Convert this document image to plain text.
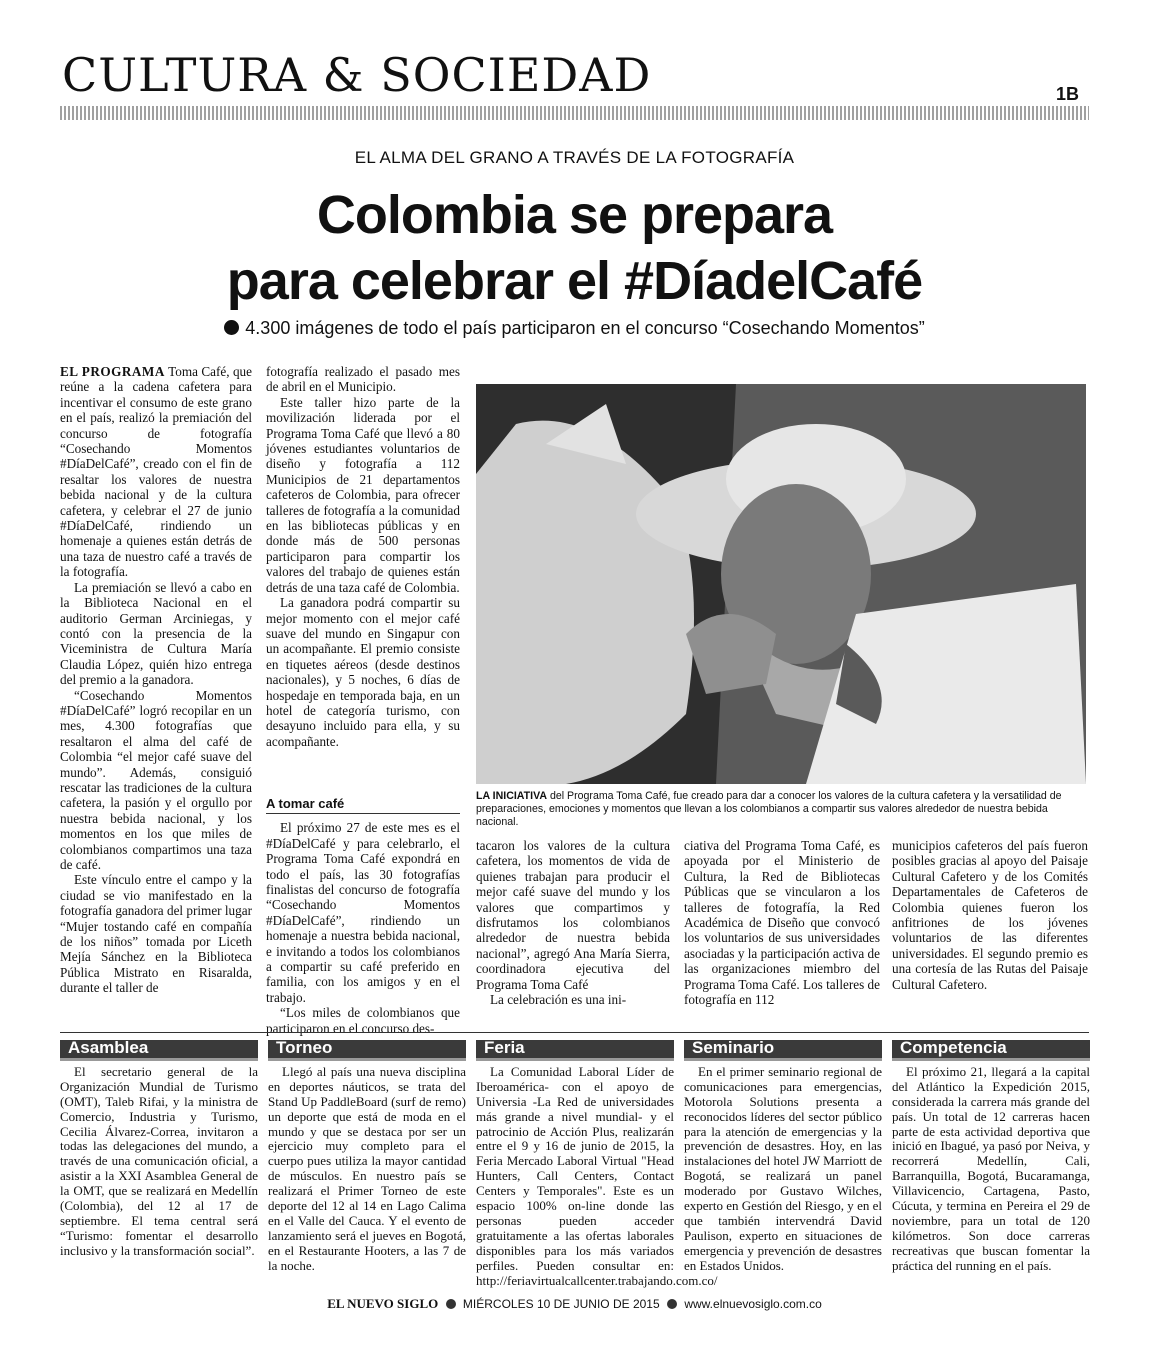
CULTURA & SOCIEDAD	1B
EL ALMA DEL GRANO A TRAVÉS DE LA FOTOGRAFÍA
Colombia se prepara
para celebrar el #DíadelCafé
4.300 imágenes de todo el país participaron en el concurso “Cosechando Momentos”

EL PROGRAMA Toma Café, que reúne a la cadena cafetera para incentivar el consumo de este grano en el país, realizó la premiación del concurso de fotografía “Cosechando Momentos #DíaDelCafé”, creado con el fin de resaltar los valores de nuestra bebida nacional y de la cultura cafetera, y celebrar el 27 de junio #DíaDelCafé, rindiendo un homenaje a quienes están detrás de una taza de nuestro café a través de la fotografía.

La premiación se llevó a cabo en la Biblioteca Nacional en el auditorio German Arciniegas, y contó con la presencia de la Viceministra de Cultura María Claudia López, quién hizo entrega del premio a la ganadora.

“Cosechando Momentos #DíaDelCafé” logró recopilar en un mes, 4.300 fotografías que resaltaron el alma del café de Colombia “el mejor café suave del mundo”. Además, consiguió rescatar las tradiciones de la cultura cafetera, la pasión y el orgullo por nuestra bebida nacional, y los momentos en los que miles de colombianos compartimos una taza de café.

Este vínculo entre el campo y la ciudad se vio manifestado en la fotografía ganadora del primer lugar “Mujer tostando café en compañía de los niños” tomada por Liceth Mejía Sánchez en la Biblioteca Pública Mistrato en Risaralda, durante el taller de

fotografía realizado el pasado mes de abril en el Municipio.

Este taller hizo parte de la movilización liderada por el Programa Toma Café que llevó a 80 jóvenes estudiantes voluntarios de diseño y fotografía a 112 Municipios de 21 departamentos cafeteros de Colombia, para ofrecer talleres de fotografía a la comunidad en las bibliotecas públicas y en donde más de 500 personas participaron para compartir los valores del trabajo de quienes están detrás de una taza café de Colombia.

La ganadora podrá compartir su mejor momento con el mejor café suave del mundo en Singapur con un acompañante. El premio consiste en tiquetes aéreos (desde destinos nacionales), y 5 noches, 6 días de hospedaje en temporada baja, en un hotel de categoría turismo, con desayuno incluido para ella, y su acompañante.

A tomar café

El próximo 27 de este mes es el #DíaDelCafé y para celebrarlo, el Programa Toma Café expondrá en todo el país, las 30 fotografías finalistas del concurso de fotografía “Cosechando Momentos #DíaDelCafé”, rindiendo un homenaje a nuestra bebida nacional, e invitando a todos los colombianos a compartir su café preferido en familia, con los amigos y en el trabajo.

“Los miles de colombianos que participaron en el concurso des-

LA INICIATIVA del Programa Toma Café, fue creado para dar a conocer los valores de la cultura cafetera y la versatilidad de preparaciones, emociones y momentos que llevan a los colombianos a compartir sus valores alrededor de nuestra bebida nacional.

tacaron los valores de la cultura cafetera, los momentos de vida de quienes trabajan para producir el mejor café suave del mundo y los valores que compartimos y disfrutamos los colombianos alrededor de nuestra bebida nacional”, agregó Ana María Sierra, coordinadora ejecutiva del Programa Toma Café

La celebración es una ini-

ciativa del Programa Toma Café, es apoyada por el Ministerio de Cultura, la Red de Bibliotecas Públicas que se vincularon a los talleres de fotografía, la Red Académica de Diseño que convocó los voluntarios de sus universidades asociadas y la participación activa de las organizaciones miembro del Programa Toma Café. Los talleres de fotografía en 112

municipios cafeteros del país fueron posibles gracias al apoyo del Paisaje Cultural Cafetero y de los Comités Departamentales de Cafeteros de Colombia quienes fueron los anfitriones de los jóvenes voluntarios de las diferentes universidades. El segundo premio es una cortesía de las Rutas del Paisaje Cultural Cafetero.

Asamblea

El secretario general de la Organización Mundial de Turismo (OMT), Taleb Rifai, y la ministra de Comercio, Industria y Turismo, Cecilia Álvarez-Correa, invitaron a todas las delegaciones del mundo, a través de una comunicación oficial, a asistir a la XXI Asamblea General de la OMT, que se realizará en Medellín (Colombia), del 12 al 17 de septiembre. El tema central será “Turismo: fomentar el desarrollo inclusivo y la transformación social”.

Torneo

Llegó al país una nueva disciplina en deportes náuticos, se trata del Stand Up PaddleBoard (surf de remo) un deporte que está de moda en el mundo y que se destaca por ser un ejercicio muy completo para el cuerpo pues utiliza la mayor cantidad de músculos. En nuestro país se realizará el Primer Torneo de este deporte del 12 al 14 en Lago Calima en el Valle del Cauca. Y el evento de lanzamiento será el jueves en Bogotá, en el Restaurante Hooters, a las 7 de la noche.

Feria

La Comunidad Laboral Líder de Iberoamérica- con el apoyo de Universia -La Red de universidades más grande a nivel mundial- y el patrocinio de Acción Plus, realizarán entre el 9 y 16 de junio de 2015, la Feria Mercado Laboral Virtual "Head Hunters, Call Centers, Contact Centers y Temporales". Este es un espacio 100% on-line donde las personas pueden acceder gratuitamente a las ofertas laborales disponibles para los más variados perfiles. Pueden consultar en: http://feriavirtualcallcenter.trabajando.com.co/

Seminario

En el primer seminario regional de comunicaciones para emergencias, Motorola Solutions presenta a reconocidos líderes del sector público para la atención de emergencias y la prevención de desastres. Hoy, en las instalaciones del hotel JW Marriott de Bogotá, se realizará un panel moderado por Gustavo Wilches, experto en Gestión del Riesgo, y en el que también intervendrá David Paulison, experto en situaciones de emergencia y prevención de desastres en Estados Unidos.

Competencia

El próximo 21, llegará a la capital del Atlántico la Expedición 2015, considerada la carrera más grande del país. Un total de 12 carreras hacen parte de esta actividad deportiva que inició en Ibagué, ya pasó por Neiva, y recorrerá Medellín, Cali, Barranquilla, Bogotá, Bucaramanga, Villavicencio, Cartagena, Pasto, Cúcuta, y termina en Pereira el 29 de noviembre, para un total de 120 kilómetros. Son doce carreras recreativas que buscan fomentar la práctica del running en el país.

EL NUEVO SIGLO MIÉRCOLES 10 DE JUNIO DE 2015 www.elnuevosiglo.com.co
